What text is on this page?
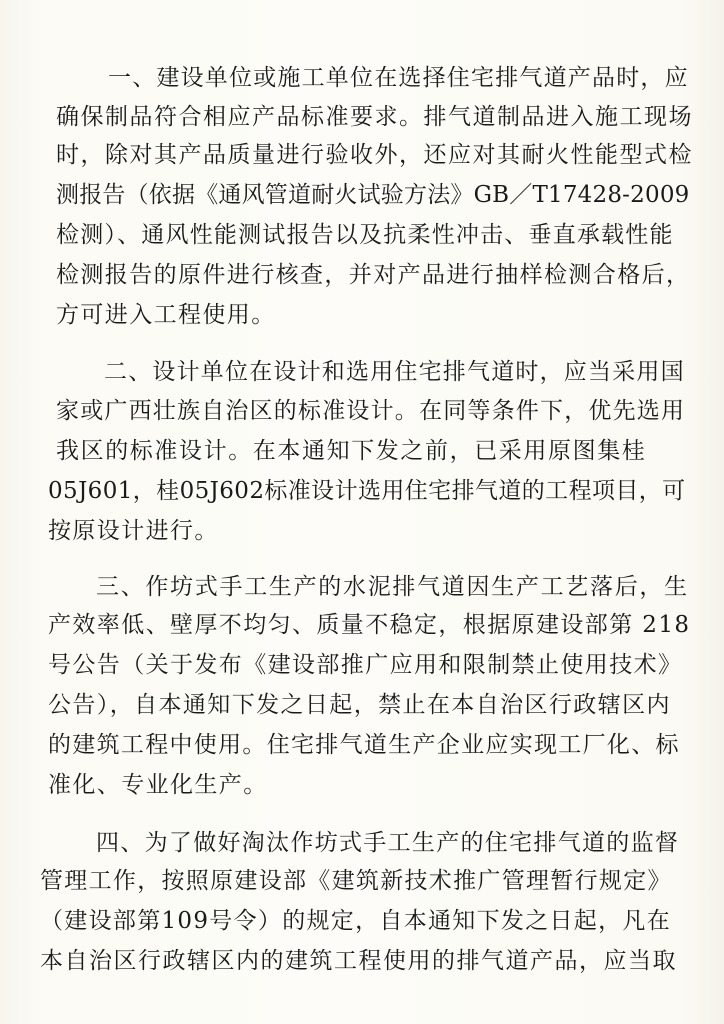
一、建设单位或施工单位在选择住宅排气道产品时，应
确保制品符合相应产品标准要求。排气道制品进入施工现场
时，除对其产品质量进行验收外，还应对其耐火性能型式检
测报告（依据《通风管道耐火试验方法》GB／T17428-2009
检测）、通风性能测试报告以及抗柔性冲击、垂直承载性能
检测报告的原件进行核查，并对产品进行抽样检测合格后，
方可进入工程使用。
二、设计单位在设计和选用住宅排气道时，应当采用国
家或广西壮族自治区的标准设计。在同等条件下，优先选用
我区的标准设计。在本通知下发之前，已采用原图集桂
05J601，桂05J602标准设计选用住宅排气道的工程项目，可
按原设计进行。
三、作坊式手工生产的水泥排气道因生产工艺落后，生
产效率低、壁厚不均匀、质量不稳定，根据原建设部第 218
号公告（关于发布《建设部推广应用和限制禁止使用技术》
公告），自本通知下发之日起，禁止在本自治区行政辖区内
的建筑工程中使用。住宅排气道生产企业应实现工厂化、标
准化、专业化生产。
四、为了做好淘汰作坊式手工生产的住宅排气道的监督
管理工作，按照原建设部《建筑新技术推广管理暂行规定》
（建设部第109号令）的规定，自本通知下发之日起，凡在
本自治区行政辖区内的建筑工程使用的排气道产品，应当取
